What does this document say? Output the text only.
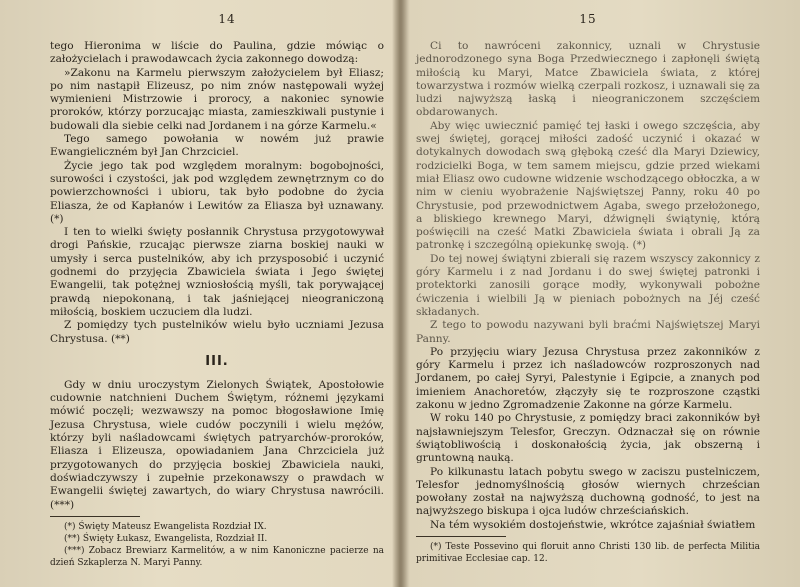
14

tego Hieronima w liście do Paulina, gdzie mówiąc o założycielach i prawodawcach życia zakonnego dowodzą:

»Zakonu na Karmelu pierwszym założycielem był Eliasz; po nim nastąpił Elizeusz, po nim znów następowali wyżej wymienieni Mistrzowie i prorocy, a nakoniec synowie proroków, którzy porzucając miasta, zamieszkiwali pustynie i budowali dla siebie celki nad Jordanem i na górze Karmelu.«

Tego samego powołania w nowém już prawie Ewangieliczném był Jan Chrzciciel.

Życie jego tak pod względem moralnym: bogobojności, surowości i czystości, jak pod względem zewnętrznym co do powierzchowności i ubioru, tak było podobne do życia Eliasza, że od Kapłanów i Lewitów za Eliasza był uznawany. (*)

I ten to wielki święty posłannik Chrystusa przygotowywał drogi Pańskie, rzucając pierwsze ziarna boskiej nauki w umysły i serca pustelników, aby ich przysposobić i uczynić godnemi do przyjęcia Zbawiciela świata i Jego świętej Ewangelii, tak potężnej wzniosłością myśli, tak porywającej prawdą niepokonaną, i tak jaśniejącej nieograniczoną miłością, boskiem uczuciem dla ludzi.

Z pomiędzy tych pustelników wielu było uczniami Jezusa Chrystusa. (**)

III.

Gdy w dniu uroczystym Zielonych Świątek, Apostołowie cudownie natchnieni Duchem Świętym, różnemi językami mówić poczęli; wezwawszy na pomoc błogosławione Imię Jezusa Chrystusa, wiele cudów poczynili i wielu mężów, którzy byli naśladowcami świętych patryarchów-proroków, Eliasza i Elizeusza, opowiadaniem Jana Chrzciciela już przygotowanych do przyjęcia boskiej Zbawiciela nauki, doświadczywszy i zupełnie przekonawszy o prawdach w Ewangelii świętej zawartych, do wiary Chrystusa nawrócili. (***)

(*) Święty Mateusz Ewangelista Rozdział IX.

(**) Święty Łukasz, Ewangelista, Rozdział II.

(***) Zobacz Brewiarz Karmelitów, a w nim Kanoniczne pacierze na dzień Szkaplerza N. Maryi Panny.

15

Ci to nawróceni zakonnicy, uznali w Chrystusie jednorodzonego syna Boga Przedwiecznego i zapłonęli świętą miłością ku Maryi, Matce Zbawiciela świata, z której towarzystwa i rozmów wielką czerpali rozkosz, i uznawali się za ludzi najwyższą łaską i nieograniczonem szczęściem obdarowanych.

Aby więc uwiecznić pamięć tej łaski i owego szczęścia, aby swej świętej, gorącej miłości zadość uczynić i okazać w dotykalnych dowodach swą głęboką cześć dla Maryi Dziewicy, rodzicielki Boga, w tem samem miejscu, gdzie przed wiekami miał Eliasz owo cudowne widzenie wschodzącego obłoczka, a w nim w cieniu wyobrażenie Najświętszej Panny, roku 40 po Chrystusie, pod przewodnictwem Agaba, swego przełożonego, a bliskiego krewnego Maryi, dźwignęli świątynię, którą poświęcili na cześć Matki Zbawiciela świata i obrali Ją za patronkę i szczególną opiekunkę swoją. (*)

Do tej nowej świątyni zbierali się razem wszyscy zakonnicy z góry Karmelu i z nad Jordanu i do swej świętej patronki i protektorki zanosili gorące modły, wykonywali pobożne ćwiczenia i wielbili Ją w pieniach pobożnych na Jéj cześć składanych.

Z tego to powodu nazywani byli braćmi Najświętszej Maryi Panny.

Po przyjęciu wiary Jezusa Chrystusa przez zakonników z góry Karmelu i przez ich naśladowców rozproszonych nad Jordanem, po całej Syryi, Palestynie i Egipcie, a znanych pod imieniem Anachoretów, złączyły się te rozproszone cząstki zakonu w jedno Zgromadzenie Zakonne na górze Karmelu.

W roku 140 po Chrystusie, z pomiędzy braci zakonników był najsławniejszym Telesfor, Greczyn. Odznaczał się on równie świątobliwością i doskonałością życia, jak obszerną i gruntowną nauką.

Po kilkunastu latach pobytu swego w zaciszu pustelniczem, Telesfor jednomyślnością głosów wiernych chrześcian powołany został na najwyższą duchowną godność, to jest na najwyższego biskupa i ojca ludów chrześciańskich.

Na tém wysokiém dostojeństwie, wkrótce zajaśniał światłem

(*) Teste Possevino qui floruit anno Christi 130 lib. de perfecta Militia primitivae Ecclesiae cap. 12.
